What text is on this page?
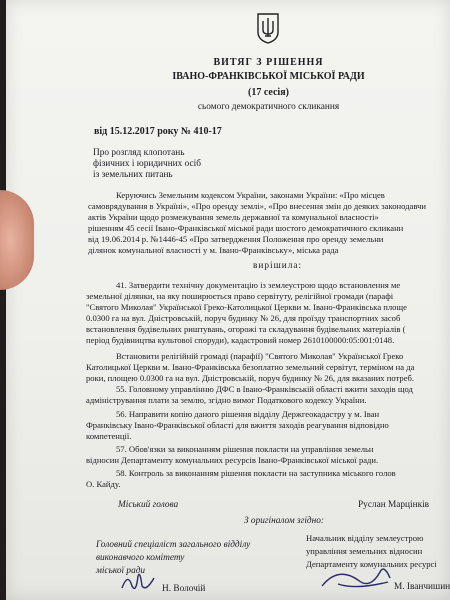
ВИТЯГ З РІШЕННЯ
ІВАНО-ФРАНКІВСЬКОЇ МІСЬКОЇ РАДИ
(17 сесія)
сьомого демократичного скликання
від 15.12.2017 року № 410-17
Про розгляд клопотань
фізичних і юридичних осіб
із земельних питань
Керуючись Земельним кодексом України, законами України: «Про місцев
самоврядування в Україні», «Про оренду землі», «Про внесення змін до деяких законодавчи
актів України щодо розмежування земель державної та комунальної власності»
рішенням 45 сесії Івано-Франківської міської ради шостого демократичного скликанн
від 19.06.2014 р. №1446-45 «Про затвердження Положення про оренду земельни
ділянок комунальної власності у м. Івано-Франківську», міська рада
вирішила:
41. Затвердити технічну документацію із землеустрою щодо встановлення ме
земельної ділянки, на яку поширюється право сервітуту, релігійної громади (парафі
"Святого Миколая" Української Греко-Католицької Церкви м. Івано-Франківська площе
0.0300 га на вул. Дністровській, поруч будинку № 26, для проїзду транспортних засоб
встановлення будівельних риштувань, огорожі та складування будівельних матеріалів (
період будівництва культової споруди), кадастровий номер 2610100000:05:001:0148.
Встановити релігійній громаді (парафії) "Святого Миколая" Української Греко
Католицької Церкви м. Івано-Франківська безоплатно земельний сервітут, терміном на да
роки, площею 0.0300 га на вул. Дністровській, поруч будинку № 26, для вказаних потреб.
55. Головному управлінню ДФС в Івано-Франківській області вжити заходів щод
адміністрування плати за землю, згідно вимог Податкового кодексу України.
56. Направити копію даного рішення відділу Держгеокадастру у м. Іван
Франківську Івано-Франківської області для вжиття заходів реагування відповідно
компетенції.
57. Обов'язки за виконанням рішення покласти на управління земельн
відносин Департаменту комунальних ресурсів Івано-Франківської міської ради.
58. Контроль за виконанням рішення покласти на заступника міського голов
О. Кайду.
Міський голова	Руслан Марцінків
З оригіналом згідно:
Головний спеціаліст загального відділу
виконавчого комітету
міської ради
Начальник відділу землеустрою
управління земельних відносин
Департаменту комунальних ресурсі
Н. Волочій	М. Іванчишин
